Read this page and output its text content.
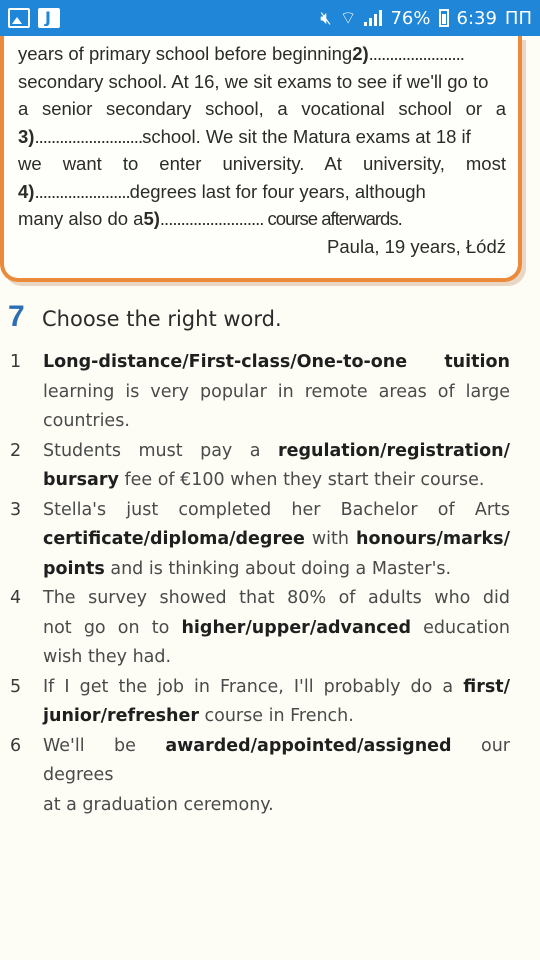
J
🔇︎ ⌔ 76% 6:39 ПП
years of primary school before beginning 2) .......................
secondary school. At 16, we sit exams to see if we'll go to
a senior secondary school, a vocational school or a
3) .......................... school. We sit the Matura exams at 18 if
we want to enter university. At university, most
4) ....................... degrees last for four years, although
many also do a 5) ......................... course afterwards.
Paula, 19 years, Łódź
7 Choose the right word.
1	Long-distance/First-class/One-to-one tuition
learning is very popular in remote areas of large
countries.
2	Students must pay a regulation/registration/
bursary fee of €100 when they start their course.
3	Stella's just completed her Bachelor of Arts
certificate/diploma/degree with honours/marks/
points and is thinking about doing a Master's.
4	The survey showed that 80% of adults who did
not go on to higher/upper/advanced education
wish they had.
5	If I get the job in France, I'll probably do a first/
junior/refresher course in French.
6	We'll be awarded/appointed/assigned our degrees
at a graduation ceremony.
